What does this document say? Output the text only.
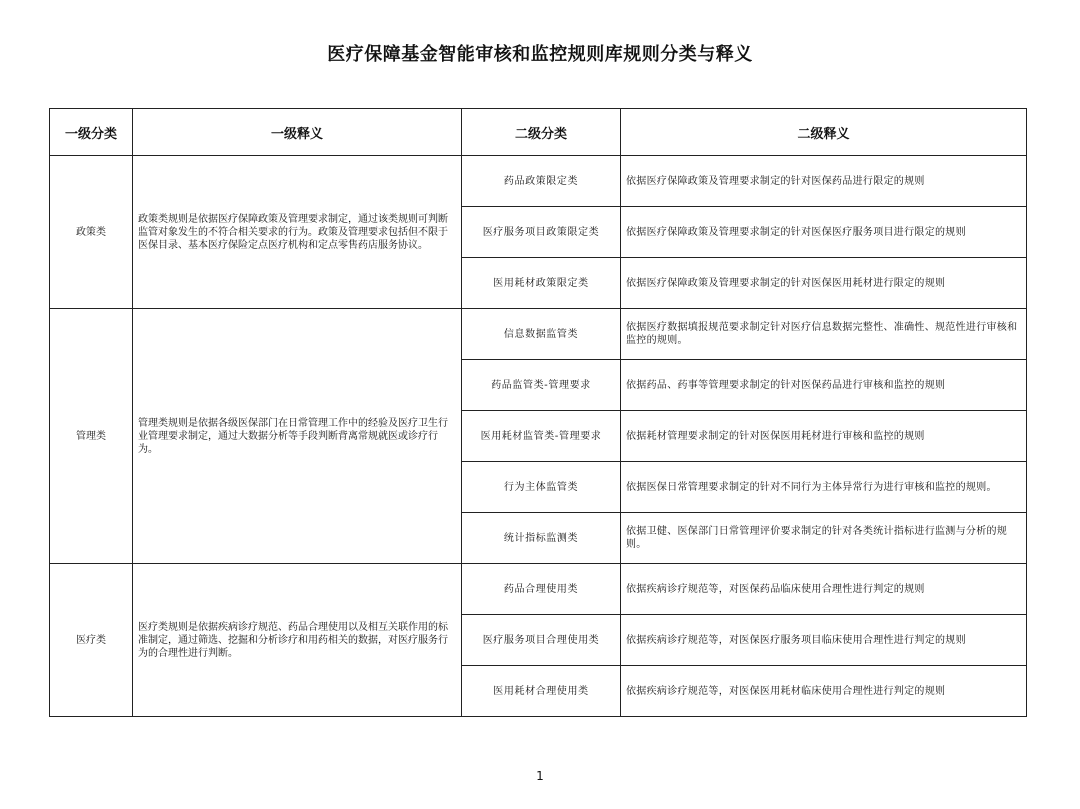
医疗保障基金智能审核和监控规则库规则分类与释义
一级分类	一级释义	二级分类	二级释义
政策类	政策类规则是依据医疗保障政策及管理要求制定，通过该类规则可判断监管对象发生的不符合相关要求的行为。政策及管理要求包括但不限于医保目录、基本医疗保险定点医疗机构和定点零售药店服务协议。	药品政策限定类	依据医疗保障政策及管理要求制定的针对医保药品进行限定的规则
		医疗服务项目政策限定类	依据医疗保障政策及管理要求制定的针对医保医疗服务项目进行限定的规则
		医用耗材政策限定类	依据医疗保障政策及管理要求制定的针对医保医用耗材进行限定的规则
管理类	管理类规则是依据各级医保部门在日常管理工作中的经验及医疗卫生行业管理要求制定，通过大数据分析等手段判断背离常规就医或诊疗行为。	信息数据监管类	依据医疗数据填报规范要求制定针对医疗信息数据完整性、准确性、规范性进行审核和监控的规则。
		药品监管类-管理要求	依据药品、药事等管理要求制定的针对医保药品进行审核和监控的规则
		医用耗材监管类-管理要求	依据耗材管理要求制定的针对医保医用耗材进行审核和监控的规则
		行为主体监管类	依据医保日常管理要求制定的针对不同行为主体异常行为进行审核和监控的规则。
		统计指标监测类	依据卫健、医保部门日常管理评价要求制定的针对各类统计指标进行监测与分析的规则。
医疗类	医疗类规则是依据疾病诊疗规范、药品合理使用以及相互关联作用的标准制定，通过筛选、挖掘和分析诊疗和用药相关的数据，对医疗服务行为的合理性进行判断。	药品合理使用类	依据疾病诊疗规范等，对医保药品临床使用合理性进行判定的规则
		医疗服务项目合理使用类	依据疾病诊疗规范等，对医保医疗服务项目临床使用合理性进行判定的规则
		医用耗材合理使用类	依据疾病诊疗规范等，对医保医用耗材临床使用合理性进行判定的规则
1
